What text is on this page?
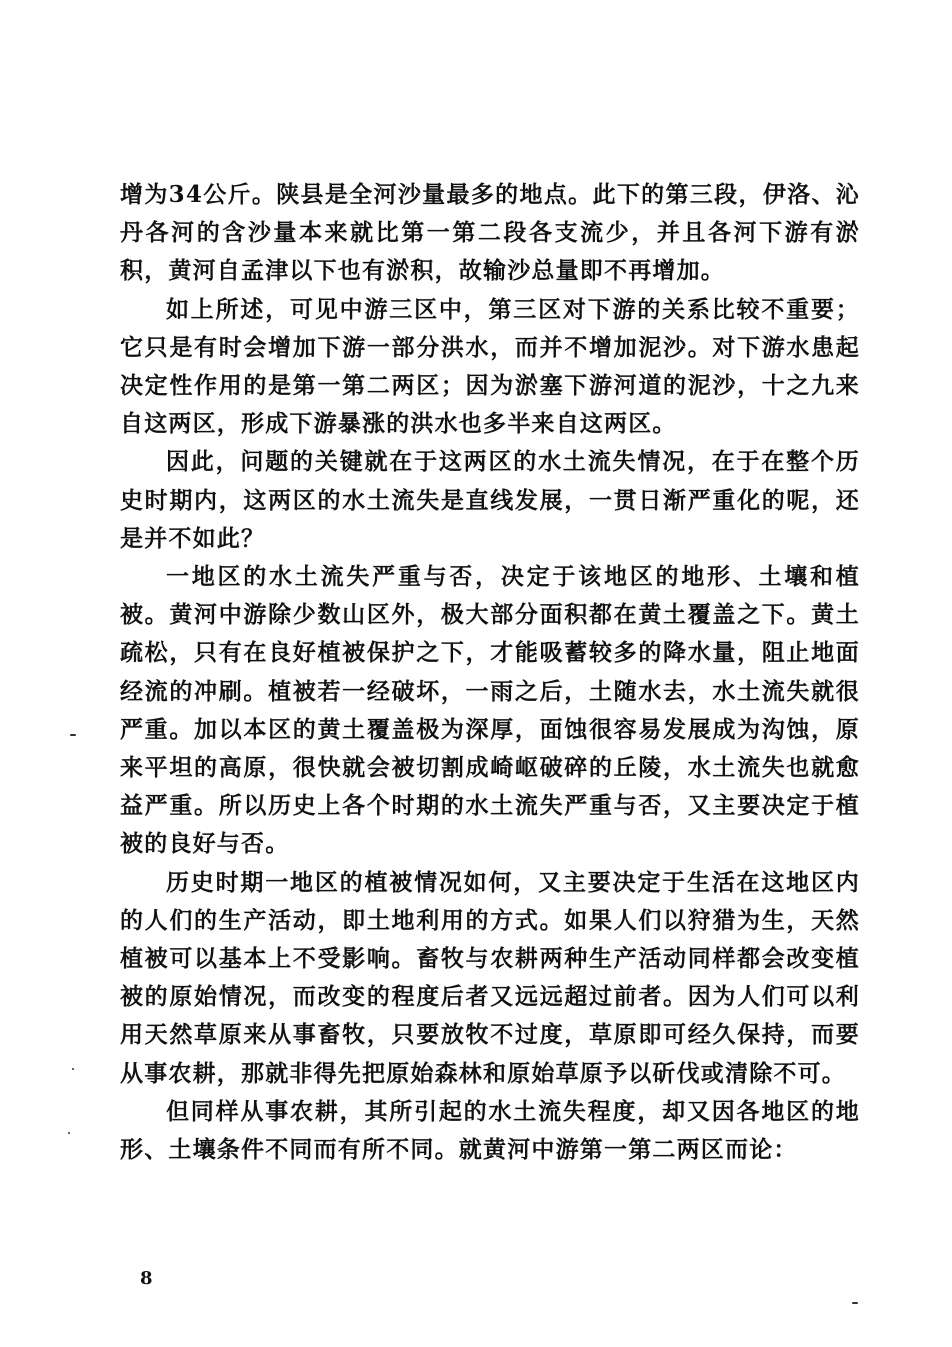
增为34公斤。陕县是全河沙量最多的地点。此下的第三段，伊洛、沁丹各河的含沙量本来就比第一第二段各支流少，并且各河下游有淤积，黄河自孟津以下也有淤积，故输沙总量即不再增加。

如上所述，可见中游三区中，第三区对下游的关系比较不重要；它只是有时会增加下游一部分洪水，而并不增加泥沙。对下游水患起决定性作用的是第一第二两区；因为淤塞下游河道的泥沙，十之九来自这两区，形成下游暴涨的洪水也多半来自这两区。

因此，问题的关键就在于这两区的水土流失情况，在于在整个历史时期内，这两区的水土流失是直线发展，一贯日渐严重化的呢，还是并不如此？

一地区的水土流失严重与否，决定于该地区的地形、土壤和植被。黄河中游除少数山区外，极大部分面积都在黄土覆盖之下。黄土疏松，只有在良好植被保护之下，才能吸蓄较多的降水量，阻止地面经流的冲刷。植被若一经破坏，一雨之后，土随水去，水土流失就很严重。加以本区的黄土覆盖极为深厚，面蚀很容易发展成为沟蚀，原来平坦的高原，很快就会被切割成崎岖破碎的丘陵，水土流失也就愈益严重。所以历史上各个时期的水土流失严重与否，又主要决定于植被的良好与否。

历史时期一地区的植被情况如何，又主要决定于生活在这地区内的人们的生产活动，即土地利用的方式。如果人们以狩猎为生，天然植被可以基本上不受影响。畜牧与农耕两种生产活动同样都会改变植被的原始情况，而改变的程度后者又远远超过前者。因为人们可以利用天然草原来从事畜牧，只要放牧不过度，草原即可经久保持，而要从事农耕，那就非得先把原始森林和原始草原予以斫伐或清除不可。

但同样从事农耕，其所引起的水土流失程度，却又因各地区的地形、土壤条件不同而有所不同。就黄河中游第一第二两区而论：

8
